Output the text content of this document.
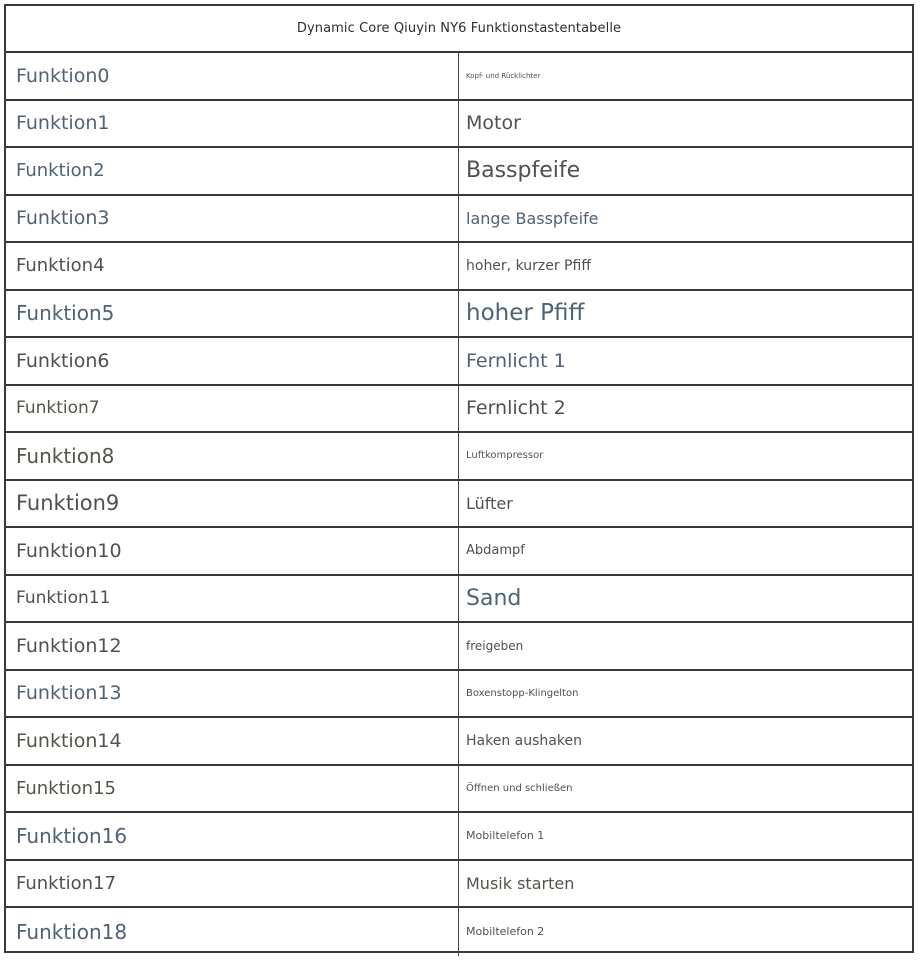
Dynamic Core Qiuyin NY6 Funktionstastentabelle
Funktion0	Kopf- und Rücklichter
Funktion1	Motor
Funktion2	Basspfeife
Funktion3	lange Basspfeife
Funktion4	hoher, kurzer Pfiff
Funktion5	hoher Pfiff
Funktion6	Fernlicht 1
Funktion7	Fernlicht 2
Funktion8	Luftkompressor
Funktion9	Lüfter
Funktion10	Abdampf
Funktion11	Sand
Funktion12	freigeben
Funktion13	Boxenstopp-Klingelton
Funktion14	Haken aushaken
Funktion15	Öffnen und schließen
Funktion16	Mobiltelefon 1
Funktion17	Musik starten
Funktion18	Mobiltelefon 2
